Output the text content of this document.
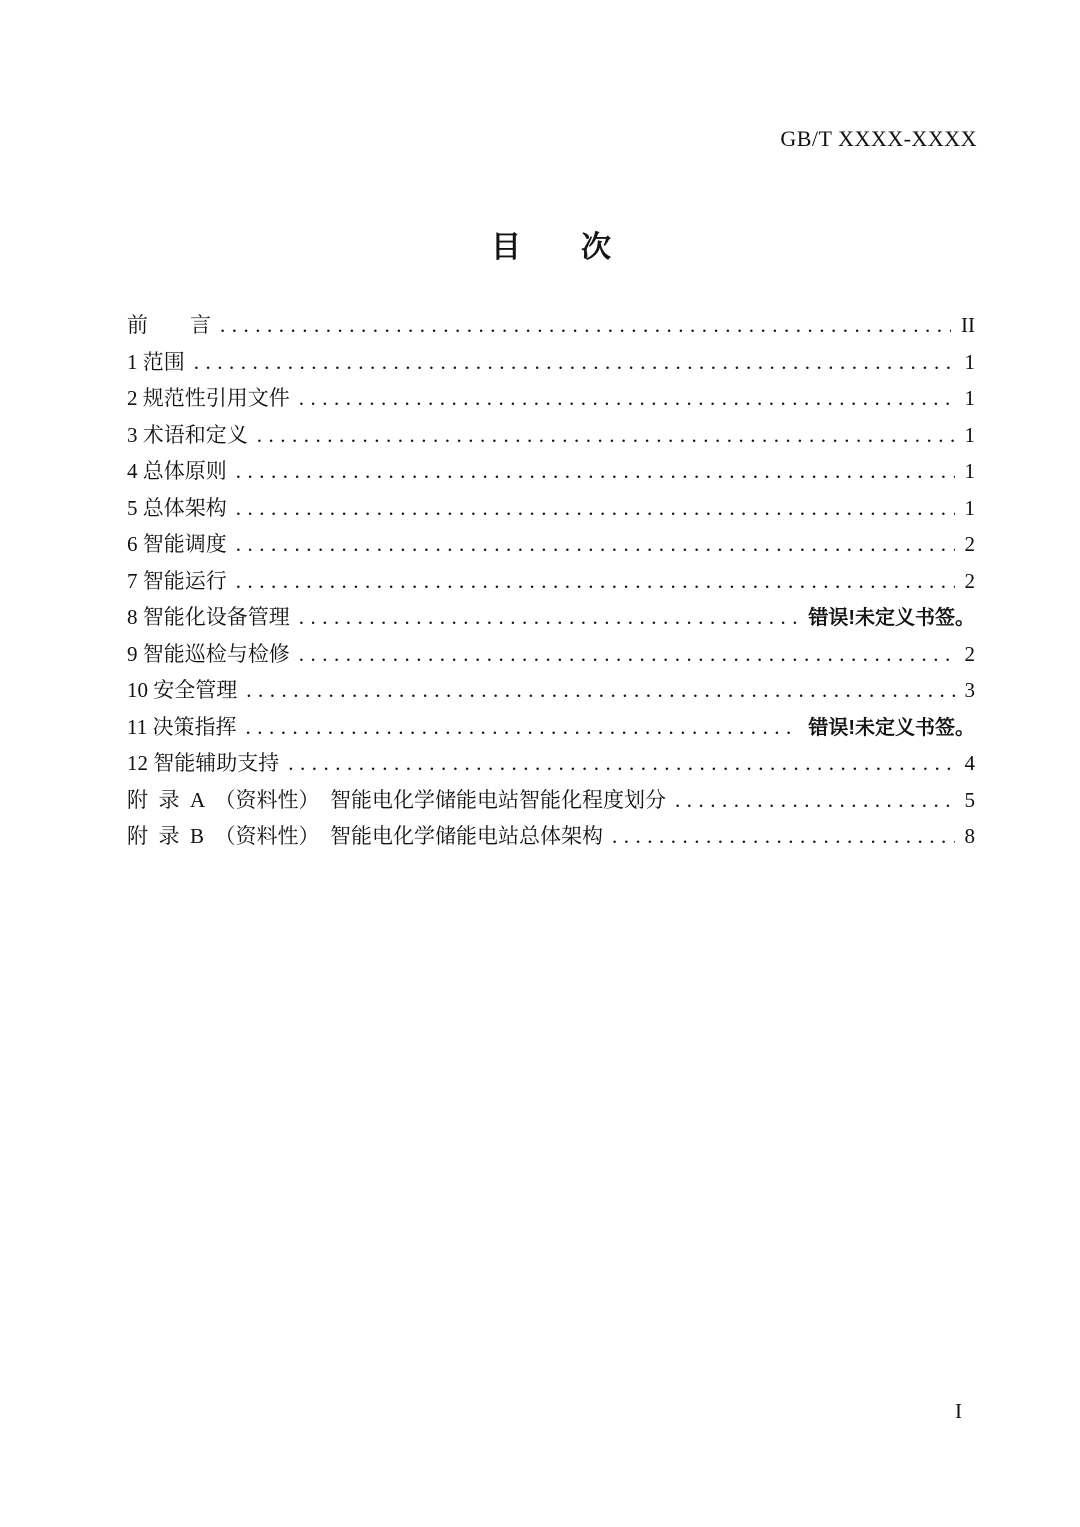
GB/T XXXX-XXXX
目　　次
前　　言 .....	II
1 范围 .....	1
2 规范性引用文件 .....	1
3 术语和定义 .....	1
4 总体原则 .....	1
5 总体架构 .....	1
6 智能调度 .....	2
7 智能运行 .....	2
8 智能化设备管理 .....	错误!未定义书签。
9 智能巡检与检修 .....	2
10 安全管理 .....	3
11 决策指挥 .....	错误!未定义书签。
12 智能辅助支持 .....	4
附  录  A  （资料性）  智能电化学储能电站智能化程度划分 .....	5
附  录  B  （资料性）  智能电化学储能电站总体架构 .....	8
I
